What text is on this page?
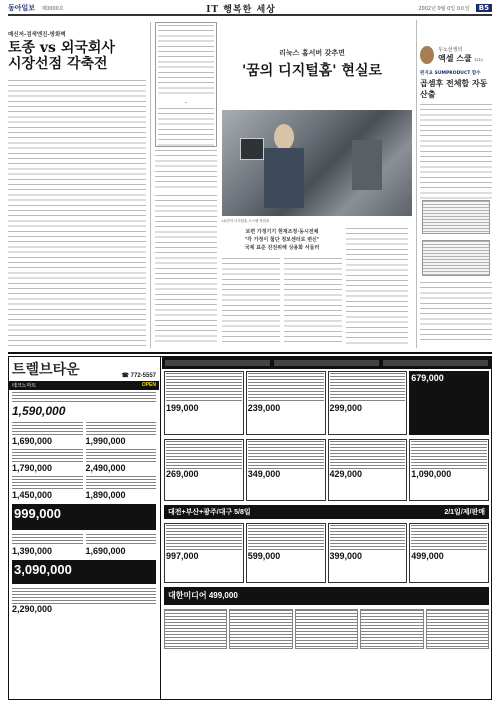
동아일보 제0000호	IT 행복한 세상	2002년 0월 0일 0요일 B5
매신저-검색엔진-방화벽
토종 vs 외국회사
시장선점 각축전
·
리눅스 홈서버 갖추면
'꿈의 디지털홈' 현실로
LG전자 디지털홈 시스템 작업장
보편 가정기기 현재조정·동시전체
"각 가정이 첨단 정보센터로 변신"
국제 표준 진전위해 상용화 서둘러
우노선생의
액셀 스쿨 (21)
편지요 SUMPRODUCT 함수
곱셈후 전체합 자동산출
트렐브타운	☎ 772-5557
테크노마트	OPEN
1,590,000
1,690,000	1,990,000
1,790,000	2,490,000
1,450,000	1,890,000
999,000
1,390,000	1,690,000
3,090,000
2,290,000
199,000	239,000	299,000
679,000
269,000	349,000	429,000	1,090,000
대전+부산+광주/대구 5/8일	2/1일/제/판매
997,000	599,000	399,000	499,000
대한미디어 499,000
